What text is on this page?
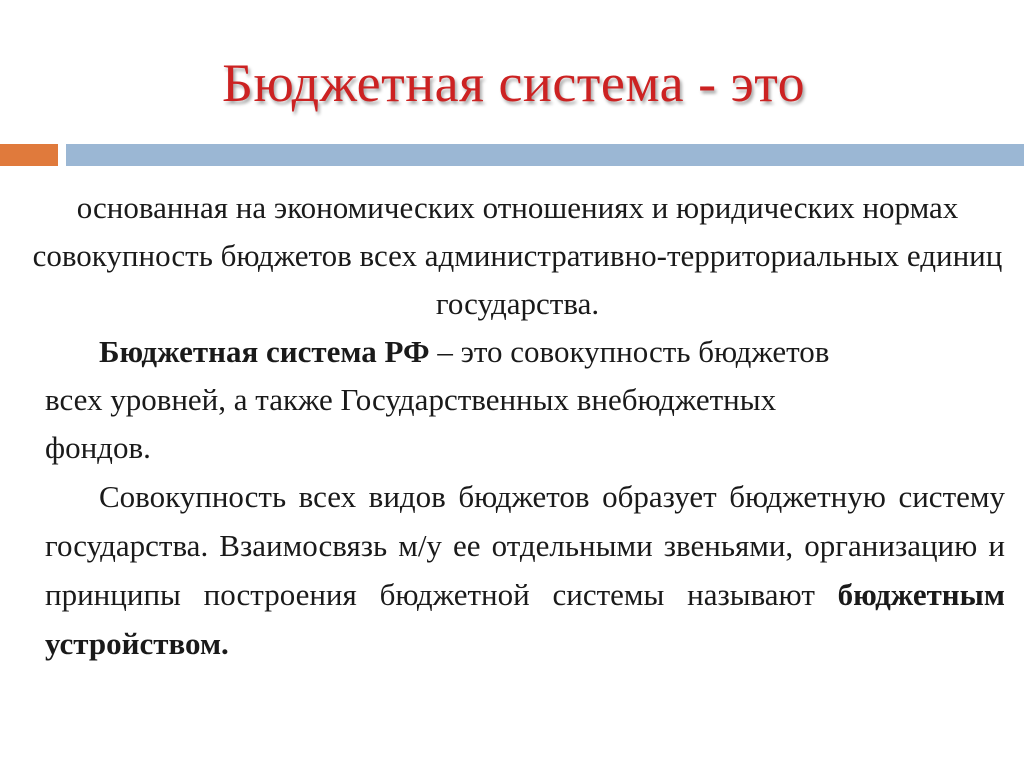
Бюджетная система - это

основанная на экономических отношениях и юридических нормах совокупность бюджетов всех административно-территориальных единиц государства.

Бюджетная система РФ – это совокупность бюджетов всех уровней, а также Государственных внебюджетных фондов.

Совокупность всех видов бюджетов образует бюджетную систему государства. Взаимосвязь м/у ее отдельными звеньями, организацию и принципы построения бюджетной системы называют бюджетным устройством.
